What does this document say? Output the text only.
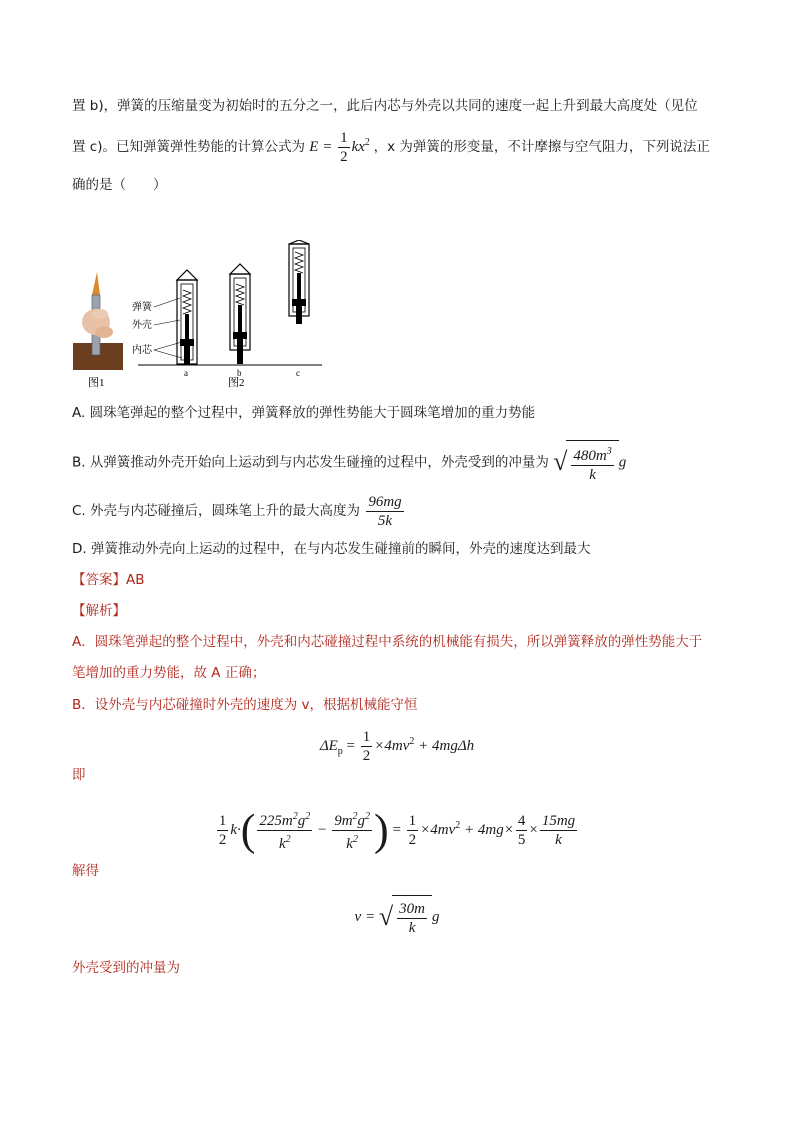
置 b)，弹簧的压缩量变为初始时的五分之一，此后内芯与外壳以共同的速度一起上升到最大高度处（见位
置 c)。已知弹簧弹性势能的计算公式为 $E = \frac{1}{2} kx^2$ ，x 为弹簧的形变量，不计摩擦与空气阻力，下列说法正
确的是（　　）
图1
弹簧
外壳
内芯
a	b
图2
c
A. 圆珠笔弹起的整个过程中，弹簧释放的弹性势能大于圆珠笔增加的重力势能
B. 从弹簧推动外壳开始向上运动到与内芯发生碰撞的过程中，外壳受到的冲量为 √ $\frac{480m^3}{k}$ g
C. 外壳与内芯碰撞后，圆珠笔上升的最大高度为 $\frac{96mg}{5k}$
D. 弹簧推动外壳向上运动的过程中，在与内芯发生碰撞前的瞬间，外壳的速度达到最大
【答案】AB
【解析】
A．圆珠笔弹起的整个过程中，外壳和内芯碰撞过程中系统的机械能有损失，所以弹簧释放的弹性势能大于
笔增加的重力势能，故 A 正确；
B．设外壳与内芯碰撞时外壳的速度为 v，根据机械能守恒
$\Delta E_p = \frac{1}{2} \times 4mv^2 + 4mg\Delta h$
即
$\frac{1}{2} k\cdot( \frac{225m^2g^2}{k^2} - \frac{9m^2g^2}{k^2}$ ) = $\frac{1}{2} \times 4mv^2 + 4mg\times \frac{4}{5} \times \frac{15mg}{k}$
解得
v = √ $\frac{30m}{k}$ g
外壳受到的冲量为
